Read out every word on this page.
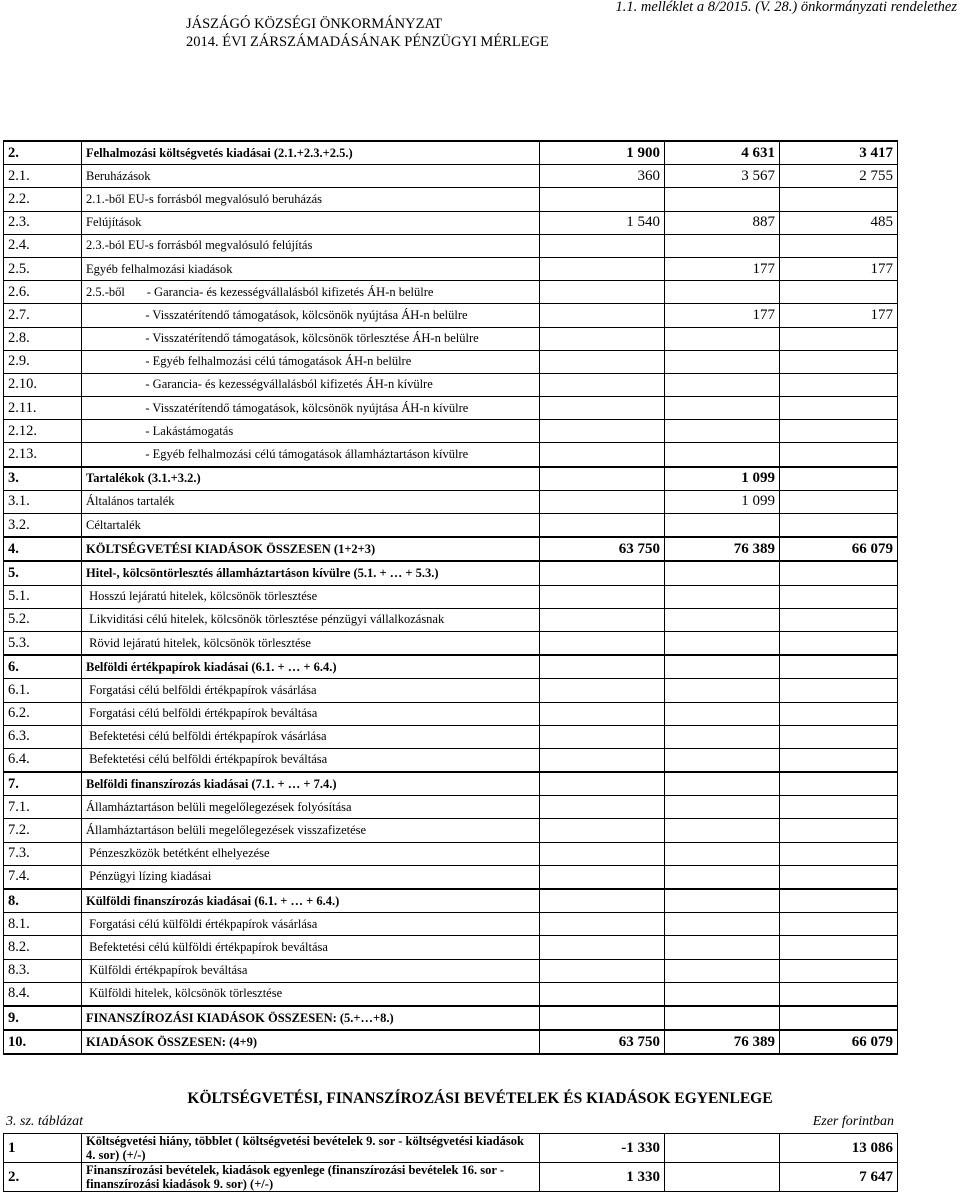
1.1. melléklet a 8/2015. (V. 28.) önkormányzati rendelethez
JÁSZÁGÓ KÖZSÉGI ÖNKORMÁNYZAT
2014. ÉVI ZÁRSZÁMADÁSÁNAK PÉNZÜGYI MÉRLEGE
2.	Felhalmozási költségvetés kiadásai (2.1.+2.3.+2.5.)	1 900	4 631	3 417
2.1.	Beruházások	360	3 567	2 755
2.2.	2.1.-ből EU-s forrásból megvalósuló beruházás			
2.3.	Felújítások	1 540	887	485
2.4.	2.3.-ból EU-s forrásból megvalósuló felújítás			
2.5.	Egyéb felhalmozási kiadások		177	177
2.6.	2.5.-ből       - Garancia- és kezességvállalásból kifizetés ÁH-n belülre			
2.7.	- Visszatérítendő támogatások, kölcsönök nyújtása ÁH-n belülre		177	177
2.8.	- Visszatérítendő támogatások, kölcsönök törlesztése ÁH-n belülre			
2.9.	- Egyéb felhalmozási célú támogatások ÁH-n belülre			
2.10.	- Garancia- és kezességvállalásból kifizetés ÁH-n kívülre			
2.11.	- Visszatérítendő támogatások, kölcsönök nyújtása ÁH-n kívülre			
2.12.	- Lakástámogatás			
2.13.	- Egyéb felhalmozási célú támogatások államháztartáson kívülre			
3.	Tartalékok (3.1.+3.2.)		1 099	
3.1.	Általános tartalék		1 099	
3.2.	Céltartalék			
4.	KÖLTSÉGVETÉSI KIADÁSOK ÖSSZESEN (1+2+3)	63 750	76 389	66 079
5.	Hitel-, kölcsöntörlesztés államháztartáson kívülre (5.1. + … + 5.3.)			
5.1.	Hosszú lejáratú hitelek, kölcsönök törlesztése			
5.2.	Likviditási célú hitelek, kölcsönök törlesztése pénzügyi vállalkozásnak			
5.3.	Rövid lejáratú hitelek, kölcsönök törlesztése			
6.	Belföldi értékpapírok kiadásai (6.1. + … + 6.4.)			
6.1.	Forgatási célú belföldi értékpapírok vásárlása			
6.2.	Forgatási célú belföldi értékpapírok beváltása			
6.3.	Befektetési célú belföldi értékpapírok vásárlása			
6.4.	Befektetési célú belföldi értékpapírok beváltása			
7.	Belföldi finanszírozás kiadásai (7.1. + … + 7.4.)			
7.1.	Államháztartáson belüli megelőlegezések folyósítása			
7.2.	Államháztartáson belüli megelőlegezések visszafizetése			
7.3.	Pénzeszközök betétként elhelyezése			
7.4.	Pénzügyi lízing kiadásai			
8.	Külföldi finanszírozás kiadásai (6.1. + … + 6.4.)			
8.1.	Forgatási célú külföldi értékpapírok vásárlása			
8.2.	Befektetési célú külföldi értékpapírok beváltása			
8.3.	Külföldi értékpapírok beváltása			
8.4.	Külföldi hitelek, kölcsönök törlesztése			
9.	FINANSZÍROZÁSI KIADÁSOK ÖSSZESEN: (5.+…+8.)			
10.	KIADÁSOK ÖSSZESEN: (4+9)	63 750	76 389	66 079
KÖLTSÉGVETÉSI, FINANSZÍROZÁSI BEVÉTELEK ÉS KIADÁSOK EGYENLEGE
3. sz. táblázat	Ezer forintban
1	Költségvetési hiány, többlet ( költségvetési bevételek 9. sor - költségvetési kiadások 4. sor) (+/-)	-1 330		13 086
2.	Finanszírozási bevételek, kiadások egyenlege (finanszírozási bevételek 16. sor - finanszírozási kiadások 9. sor) (+/-)	1 330		7 647
